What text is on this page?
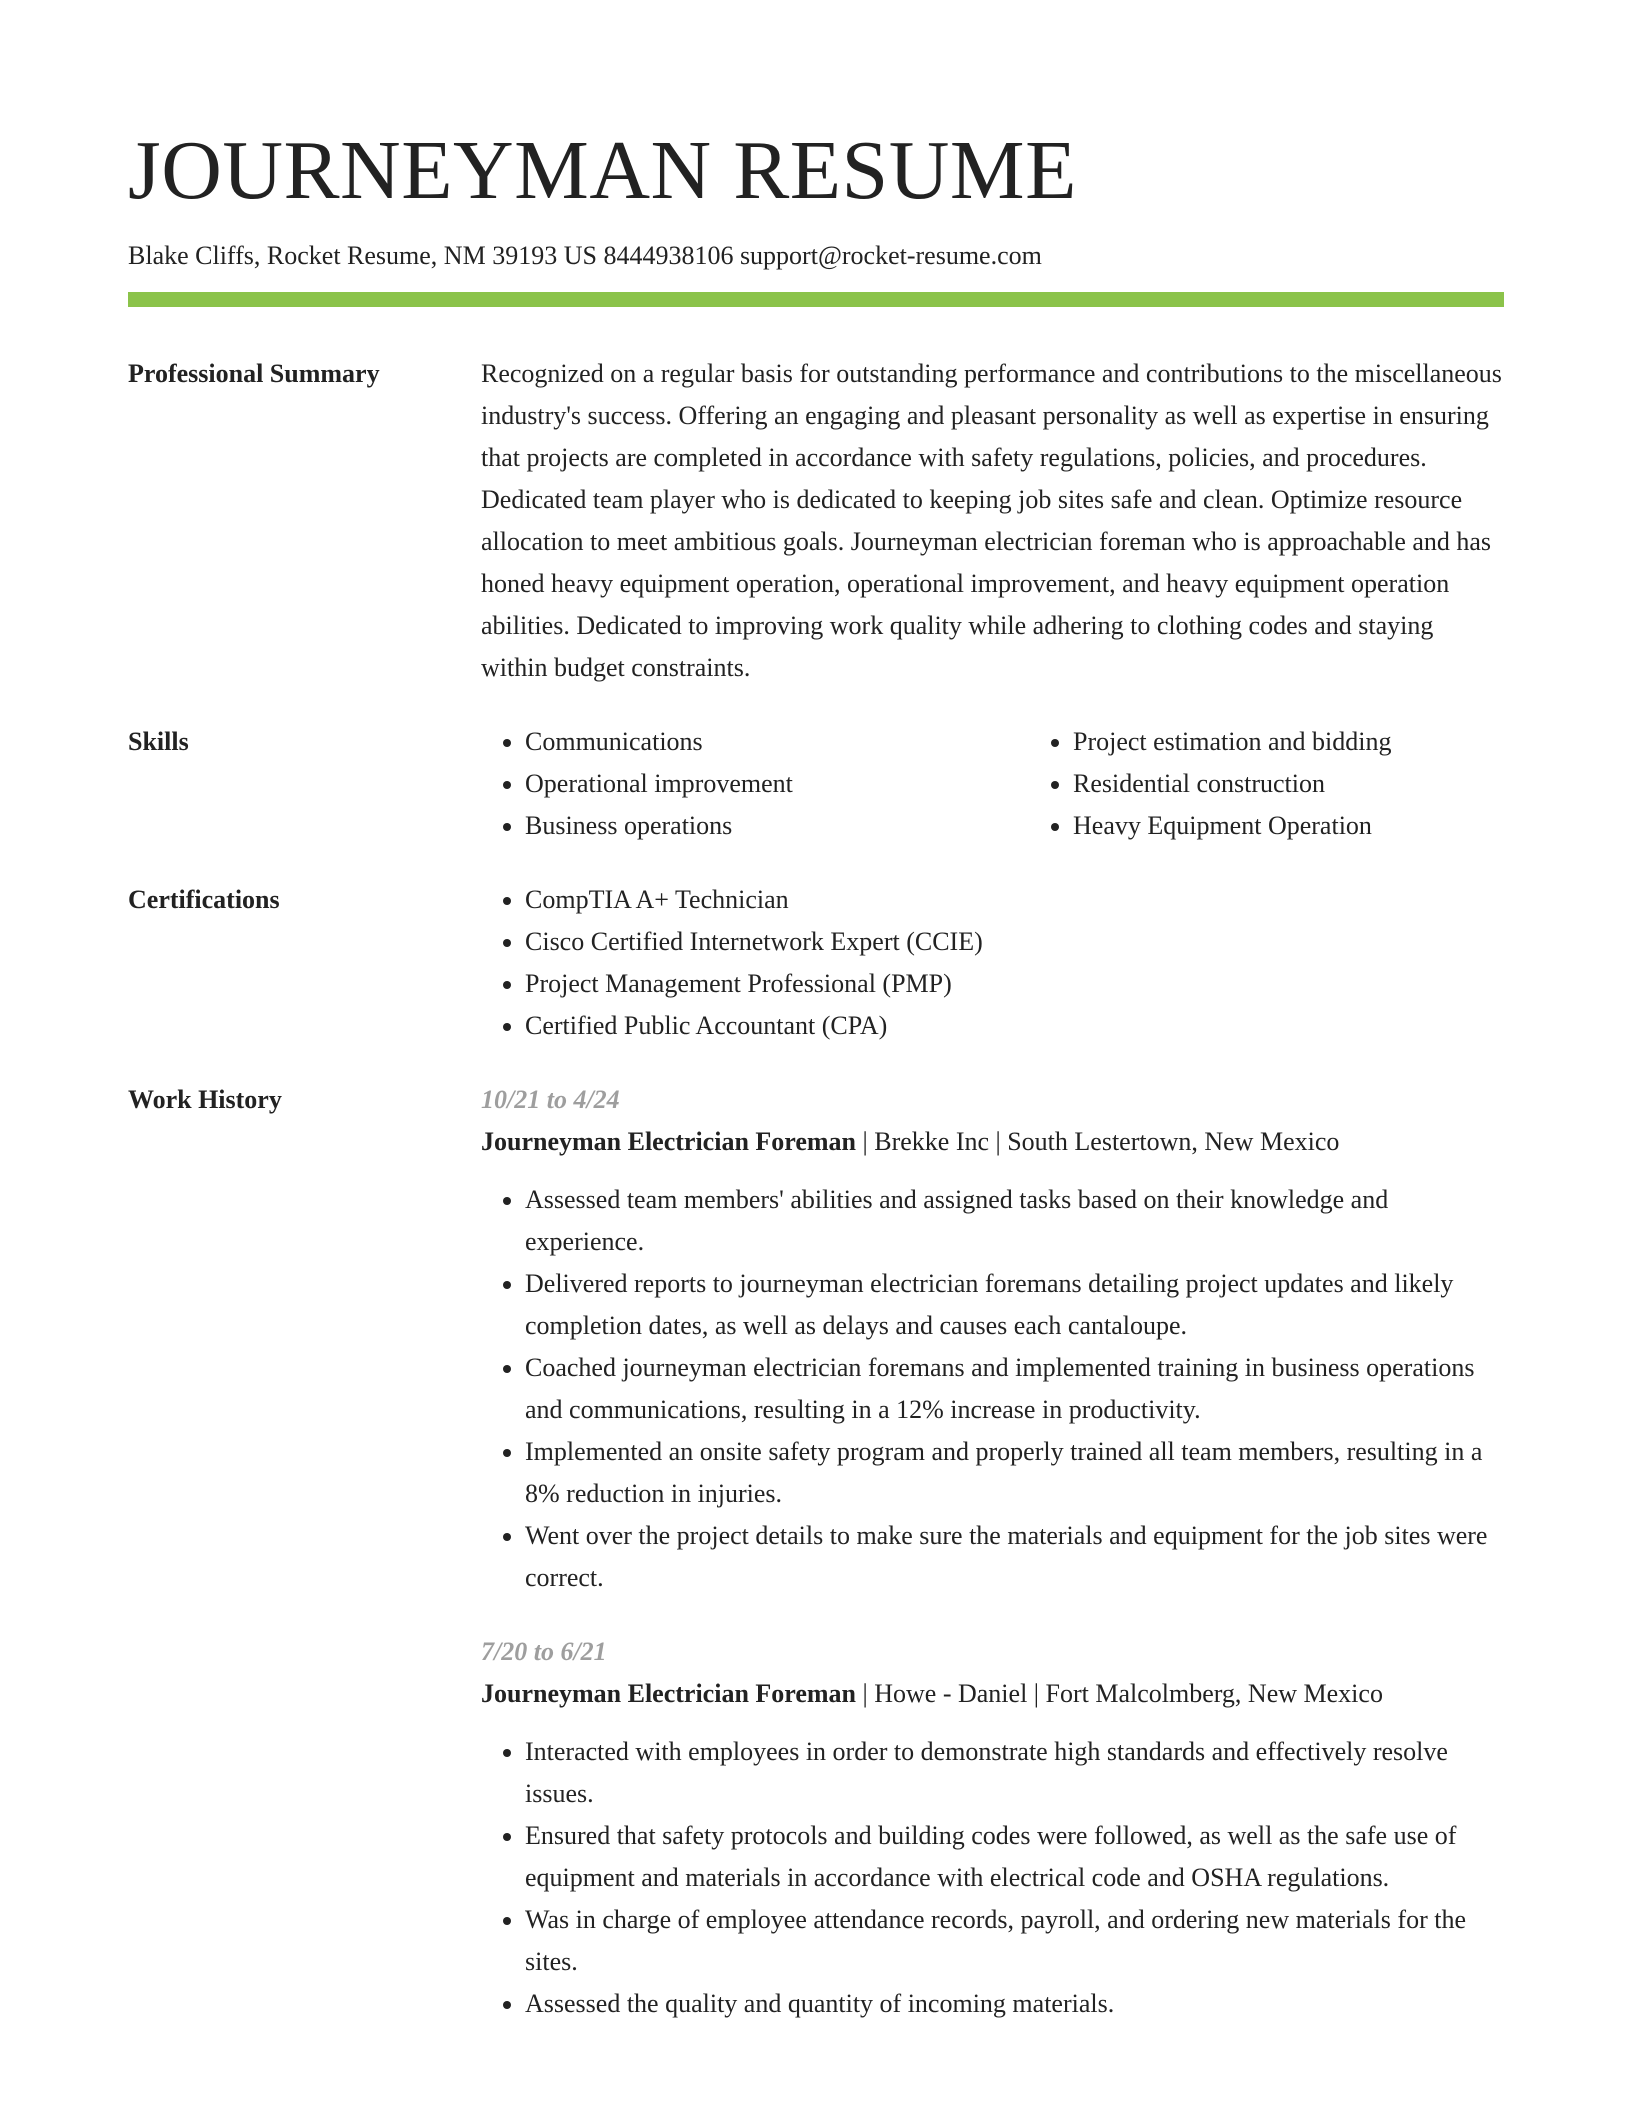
JOURNEYMAN RESUME
Blake Cliffs, Rocket Resume, NM 39193 US 8444938106 support@rocket-resume.com
Professional Summary	Recognized on a regular basis for outstanding performance and contributions to the miscellaneous industry's success. Offering an engaging and pleasant personality as well as expertise in ensuring that projects are completed in accordance with safety regulations, policies, and procedures. Dedicated team player who is dedicated to keeping job sites safe and clean. Optimize resource allocation to meet ambitious goals. Journeyman electrician foreman who is approachable and has honed heavy equipment operation, operational improvement, and heavy equipment operation abilities. Dedicated to improving work quality while adhering to clothing codes and staying within budget constraints.

Skills	• Communications
• Operational improvement
• Business operations
• Project estimation and bidding
• Residential construction
• Heavy Equipment Operation
Certifications	• CompTIA A+ Technician
• Cisco Certified Internetwork Expert (CCIE)
• Project Management Professional (PMP)
• Certified Public Accountant (CPA)
Work History	10/21 to 4/24
Journeyman Electrician Foreman | Brekke Inc | South Lestertown, New Mexico
• Assessed team members' abilities and assigned tasks based on their knowledge and experience.
• Delivered reports to journeyman electrician foremans detailing project updates and likely completion dates, as well as delays and causes each cantaloupe.
• Coached journeyman electrician foremans and implemented training in business operations and communications, resulting in a 12% increase in productivity.
• Implemented an onsite safety program and properly trained all team members, resulting in a 8% reduction in injuries.
• Went over the project details to make sure the materials and equipment for the job sites were correct.
7/20 to 6/21
Journeyman Electrician Foreman | Howe - Daniel | Fort Malcolmberg, New Mexico
• Interacted with employees in order to demonstrate high standards and effectively resolve issues.
• Ensured that safety protocols and building codes were followed, as well as the safe use of equipment and materials in accordance with electrical code and OSHA regulations.
• Was in charge of employee attendance records, payroll, and ordering new materials for the sites.
• Assessed the quality and quantity of incoming materials.
